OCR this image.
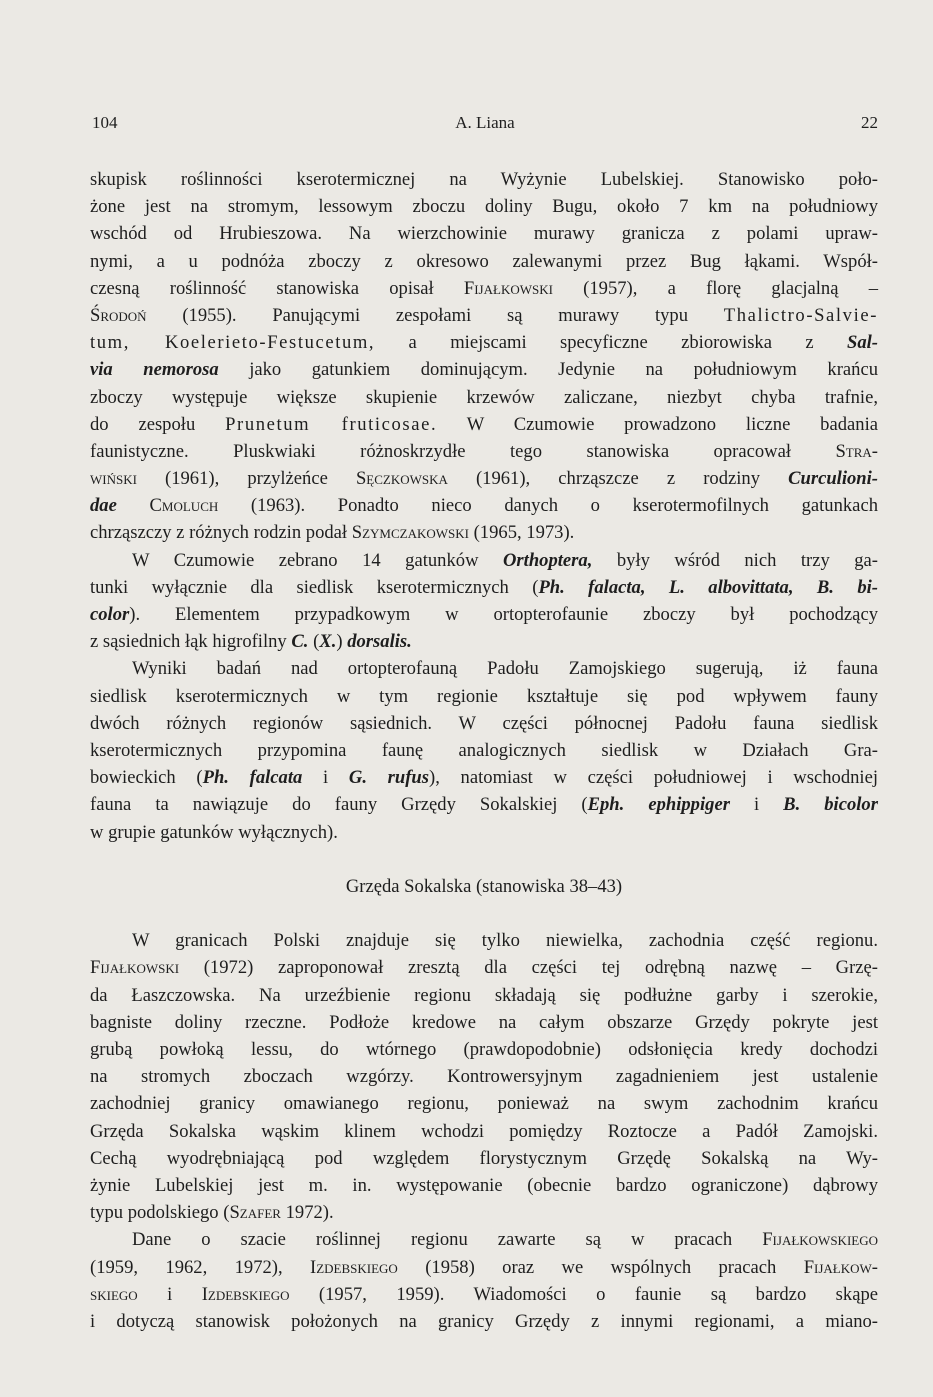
104	A. Liana	22
skupisk roślinności kserotermicznej na Wyżynie Lubelskiej. Stanowisko poło-
żone jest na stromym, lessowym zboczu doliny Bugu, około 7 km na południowy
wschód od Hrubieszowa. Na wierzchowinie murawy granicza z polami upraw-
nymi, a u podnóża zboczy z okresowo zalewanymi przez Bug łąkami. Współ-
czesną roślinność stanowiska opisał Fijałkowski (1957), a florę glacjalną –
Środoń (1955). Panującymi zespołami są murawy typu Thalictro-Salvie-
tum, Koelerieto-Festucetum, a miejscami specyficzne zbiorowiska z Sal-
via nemorosa jako gatunkiem dominującym. Jedynie na południowym krańcu
zboczy występuje większe skupienie krzewów zaliczane, niezbyt chyba trafnie,
do zespołu Prunetum fruticosae. W Czumowie prowadzono liczne badania
faunistyczne. Pluskwiaki różnoskrzydłe tego stanowiska opracował Stra-
wiński (1961), przylżeńce Sęczkowska (1961), chrząszcze z rodziny Curculioni-
dae Cmoluch (1963). Ponadto nieco danych o kserotermofilnych gatunkach
chrząszczy z różnych rodzin podał Szymczakowski (1965, 1973).
W Czumowie zebrano 14 gatunków Orthoptera, były wśród nich trzy ga-
tunki wyłącznie dla siedlisk kserotermicznych (Ph. falacta, L. albovittata, B. bi-
color). Elementem przypadkowym w ortopterofaunie zboczy był pochodzący
z sąsiednich łąk higrofilny C. (X.) dorsalis.
Wyniki badań nad ortopterofauną Padołu Zamojskiego sugerują, iż fauna
siedlisk kserotermicznych w tym regionie kształtuje się pod wpływem fauny
dwóch różnych regionów sąsiednich. W części północnej Padołu fauna siedlisk
kserotermicznych przypomina faunę analogicznych siedlisk w Działach Gra-
bowieckich (Ph. falcata i G. rufus), natomiast w części południowej i wschodniej
fauna ta nawiązuje do fauny Grzędy Sokalskiej (Eph. ephippiger i B. bicolor
w grupie gatunków wyłącznych).
Grzęda Sokalska (stanowiska 38–43)
W granicach Polski znajduje się tylko niewielka, zachodnia część regionu.
Fijałkowski (1972) zaproponował zresztą dla części tej odrębną nazwę – Grzę-
da Łaszczowska. Na urzeźbienie regionu składają się podłużne garby i szerokie,
bagniste doliny rzeczne. Podłoże kredowe na całym obszarze Grzędy pokryte jest
grubą powłoką lessu, do wtórnego (prawdopodobnie) odsłonięcia kredy dochodzi
na stromych zboczach wzgórzy. Kontrowersyjnym zagadnieniem jest ustalenie
zachodniej granicy omawianego regionu, ponieważ na swym zachodnim krańcu
Grzęda Sokalska wąskim klinem wchodzi pomiędzy Roztocze a Padół Zamojski.
Cechą wyodrębniającą pod względem florystycznym Grzędę Sokalską na Wy-
żynie Lubelskiej jest m. in. występowanie (obecnie bardzo ograniczone) dąbrowy
typu podolskiego (Szafer 1972).
Dane o szacie roślinnej regionu zawarte są w pracach Fijałkowskiego
(1959, 1962, 1972), Izdebskiego (1958) oraz we wspólnych pracach Fijałkow-
skiego i Izdebskiego (1957, 1959). Wiadomości o faunie są bardzo skąpe
i dotyczą stanowisk położonych na granicy Grzędy z innymi regionami, a miano-
